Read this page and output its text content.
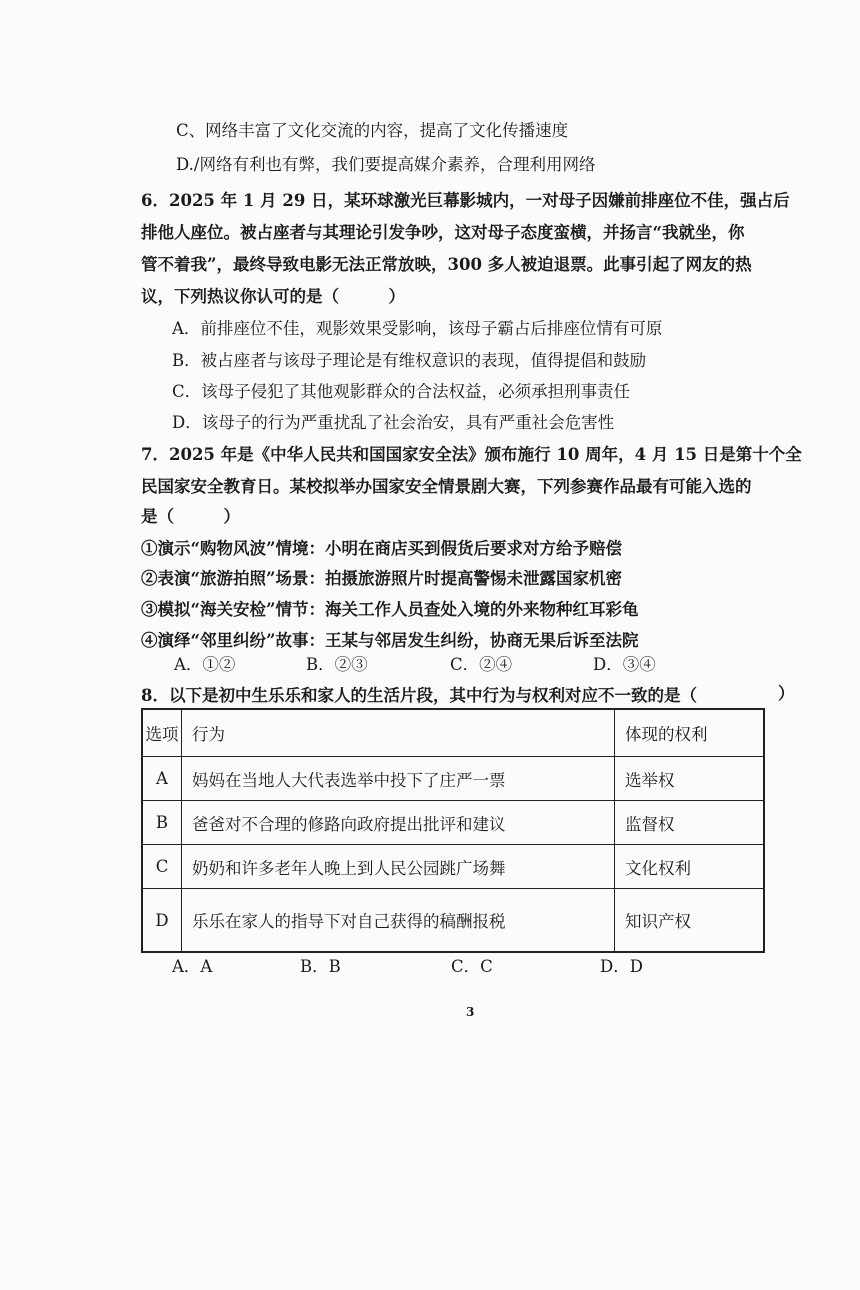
C、网络丰富了文化交流的内容，提高了文化传播速度
D./网络有利也有弊，我们要提高媒介素养，合理利用网络
6．2025 年 1 月 29 日，某环球激光巨幕影城内，一对母子因嫌前排座位不佳，强占后
排他人座位。被占座者与其理论引发争吵，这对母子态度蛮横，并扬言“我就坐，你
管不着我”，最终导致电影无法正常放映，300 多人被迫退票。此事引起了网友的热
议，下列热议你认可的是（　　　）
A．前排座位不佳，观影效果受影响，该母子霸占后排座位情有可原
B．被占座者与该母子理论是有维权意识的表现，值得提倡和鼓励
C．该母子侵犯了其他观影群众的合法权益，必须承担刑事责任
D．该母子的行为严重扰乱了社会治安，具有严重社会危害性
7．2025 年是《中华人民共和国国家安全法》颁布施行 10 周年，4 月 15 日是第十个全
民国家安全教育日。某校拟举办国家安全情景剧大赛，下列参赛作品最有可能入选的
是（　　　）
①演示“购物风波”情境：小明在商店买到假货后要求对方给予赔偿
②表演“旅游拍照”场景：拍摄旅游照片时提高警惕未泄露国家机密
③模拟“海关安检”情节：海关工作人员查处入境的外来物种红耳彩龟
④演绎“邻里纠纷”故事：王某与邻居发生纠纷，协商无果后诉至法院
A．①②	B．②③	C．②④	D．③④
8．以下是初中生乐乐和家人的生活片段，其中行为与权利对应不一致的是（	）
选项	行为	体现的权利
A	妈妈在当地人大代表选举中投下了庄严一票	选举权
B	爸爸对不合理的修路向政府提出批评和建议	监督权
C	奶奶和许多老年人晚上到人民公园跳广场舞	文化权利
D	乐乐在家人的指导下对自己获得的稿酬报税	知识产权
A．A	B．B	C．C	D．D
3
